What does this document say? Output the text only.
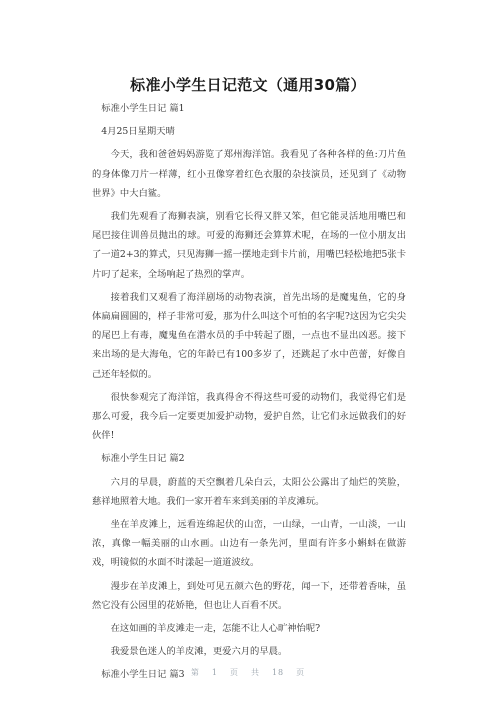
标准小学生日记范文（通用30篇）

标准小学生日记 篇1

4月25日星期天晴

今天，我和爸爸妈妈游览了郑州海洋馆。我看见了各种各样的鱼:刀片鱼的身体像刀片一样薄，红小丑像穿着红色衣服的杂技演员，还见到了《动物世界》中大白鲨。

我们先观看了海狮表演，别看它长得又胖又笨，但它能灵活地用嘴巴和尾巴接住训兽员抛出的球。可爱的海狮还会算算术呢，在场的一位小朋友出了一道2+3的算式，只见海狮一摇一摆地走到卡片前，用嘴巴轻松地把5张卡片叼了起来，全场响起了热烈的掌声。

接着我们又观看了海洋剧场的动物表演，首先出场的是魔鬼鱼，它的身体扁扁圆圆的，样子非常可爱，那为什么叫这个可怕的名字呢?这因为它尖尖的尾巴上有毒，魔鬼鱼在潜水员的手中转起了圈，一点也不显出凶恶。接下来出场的是大海龟，它的年龄已有100多岁了，还跳起了水中芭蕾，好像自己还年轻似的。

很快参观完了海洋馆，我真得舍不得这些可爱的动物们，我觉得它们是那么可爱，我今后一定要更加爱护动物，爱护自然，让它们永远做我们的好伙伴!

标准小学生日记 篇2

六月的早晨，蔚蓝的天空飘着几朵白云，太阳公公露出了灿烂的笑脸，慈祥地照着大地。我们一家开着车来到美丽的羊皮滩玩。

坐在羊皮滩上，远看连绵起伏的山峦，一山绿，一山青，一山淡，一山浓，真像一幅美丽的山水画。山边有一条先河，里面有许多小蝌蚪在做游戏，明镜似的水面不时漾起一道道波纹。

漫步在羊皮滩上，到处可见五颜六色的野花，闻一下，还带着香味，虽然它没有公园里的花娇艳，但也让人百看不厌。

在这如画的羊皮滩走一走，怎能不让人心旷神怡呢?

我爱景色迷人的羊皮滩，更爱六月的早晨。

标准小学生日记 篇3 第 1 页 共 18 页
